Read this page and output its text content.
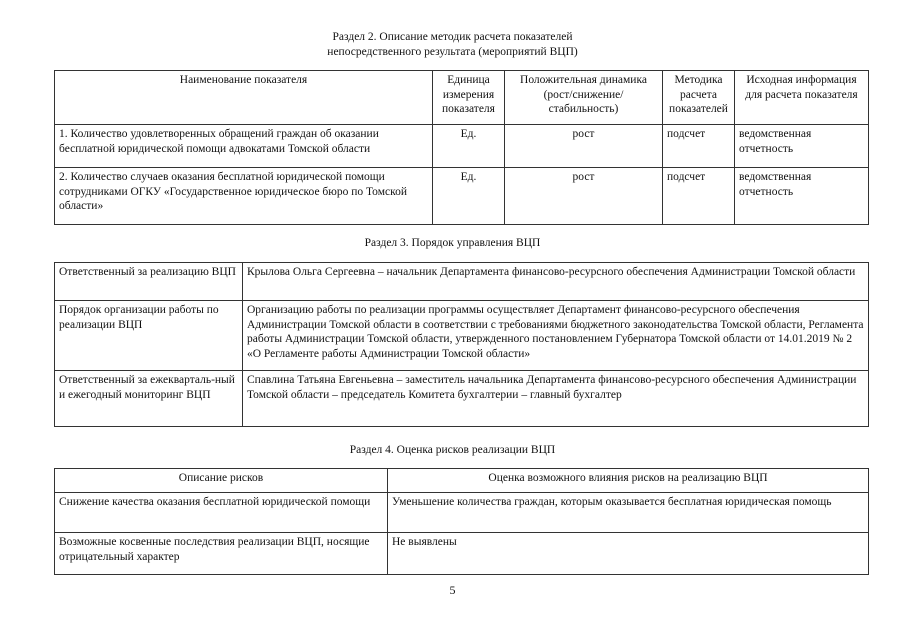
Раздел 2. Описание методик расчета показателей
непосредственного результата (мероприятий ВЦП)
Наименование показателя	Единица измерения показателя	Положительная динамика (рост/снижение/ стабильность)	Методика расчета показателей	Исходная информация для расчета показателя
1. Количество удовлетворенных обращений граждан об оказании бесплатной юридической помощи адвокатами Томской области	Ед.	рост	подсчет	ведомственная отчетность
2. Количество случаев оказания бесплатной юридической помощи сотрудниками ОГКУ «Государственное юридическое бюро по Томской области»	Ед.	рост	подсчет	ведомственная отчетность
Раздел 3. Порядок управления ВЦП
Ответственный за реализацию ВЦП	Крылова Ольга Сергеевна – начальник Департамента финансово-ресурсного обеспечения Администрации Томской области
Порядок организации работы по реализации ВЦП	Организацию работы по реализации программы осуществляет Департамент финансово-ресурсного обеспечения Администрации Томской области в соответствии с требованиями бюджетного законодательства Томской области, Регламента работы Администрации Томской области, утвержденного постановлением Губернатора Томской области от 14.01.2019 № 2 «О Регламенте работы Администрации Томской области»
Ответственный за ежекварталь-ный и ежегодный мониторинг ВЦП	Спавлина Татьяна Евгеньевна – заместитель начальника Департамента финансово-ресурсного обеспечения Администрации Томской области – председатель Комитета бухгалтерии – главный бухгалтер
Раздел 4. Оценка рисков реализации ВЦП
Описание рисков	Оценка возможного влияния рисков на реализацию ВЦП
Снижение качества оказания бесплатной юридической помощи	Уменьшение количества граждан, которым оказывается бесплатная юридическая помощь
Возможные косвенные последствия реализации ВЦП, носящие отрицательный характер	Не выявлены
5
